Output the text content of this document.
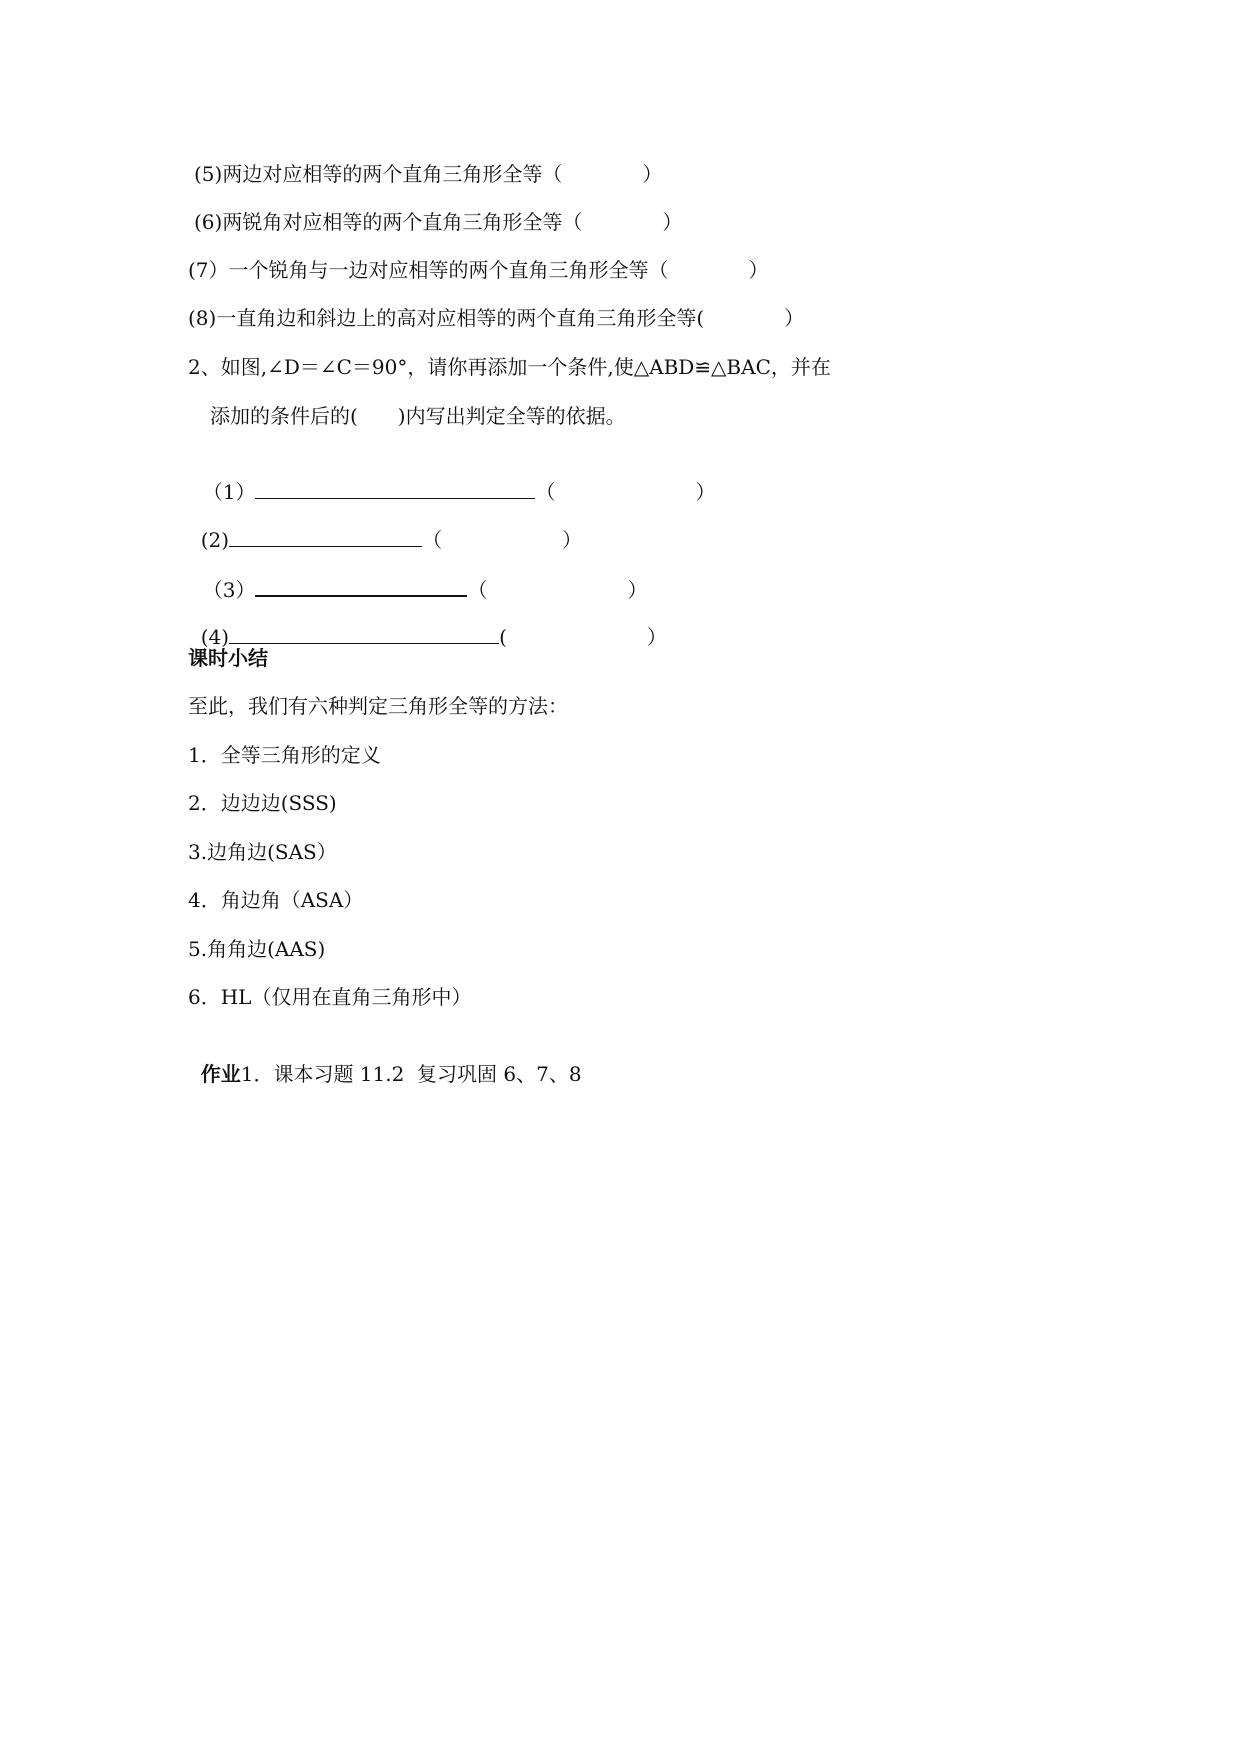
(5)两边对应相等的两个直角三角形全等（　　　　）
(6)两锐角对应相等的两个直角三角形全等（　　　　）
(7）一个锐角与一边对应相等的两个直角三角形全等（　　　　）
(8)一直角边和斜边上的高对应相等的两个直角三角形全等(　　　　）
2、如图,∠D＝∠C＝90°，请你再添加一个条件,使△ABD≌△BAC，并在
添加的条件后的(　　)内写出判定全等的依据。

（1）	（　　　　　　　）

(2)	（　　　　　　）

（3）	（　　　　　　　）

(4)	(　　　　　　　）

课时小结
至此，我们有六种判定三角形全等的方法：
1．全等三角形的定义
2．边边边(SSS)
3.边角边(SAS）
4．角边角（ASA）
5.角角边(AAS)
6．HL（仅用在直角三角形中）

作业1．课本习题 11.2  复习巩固 6、7、8
